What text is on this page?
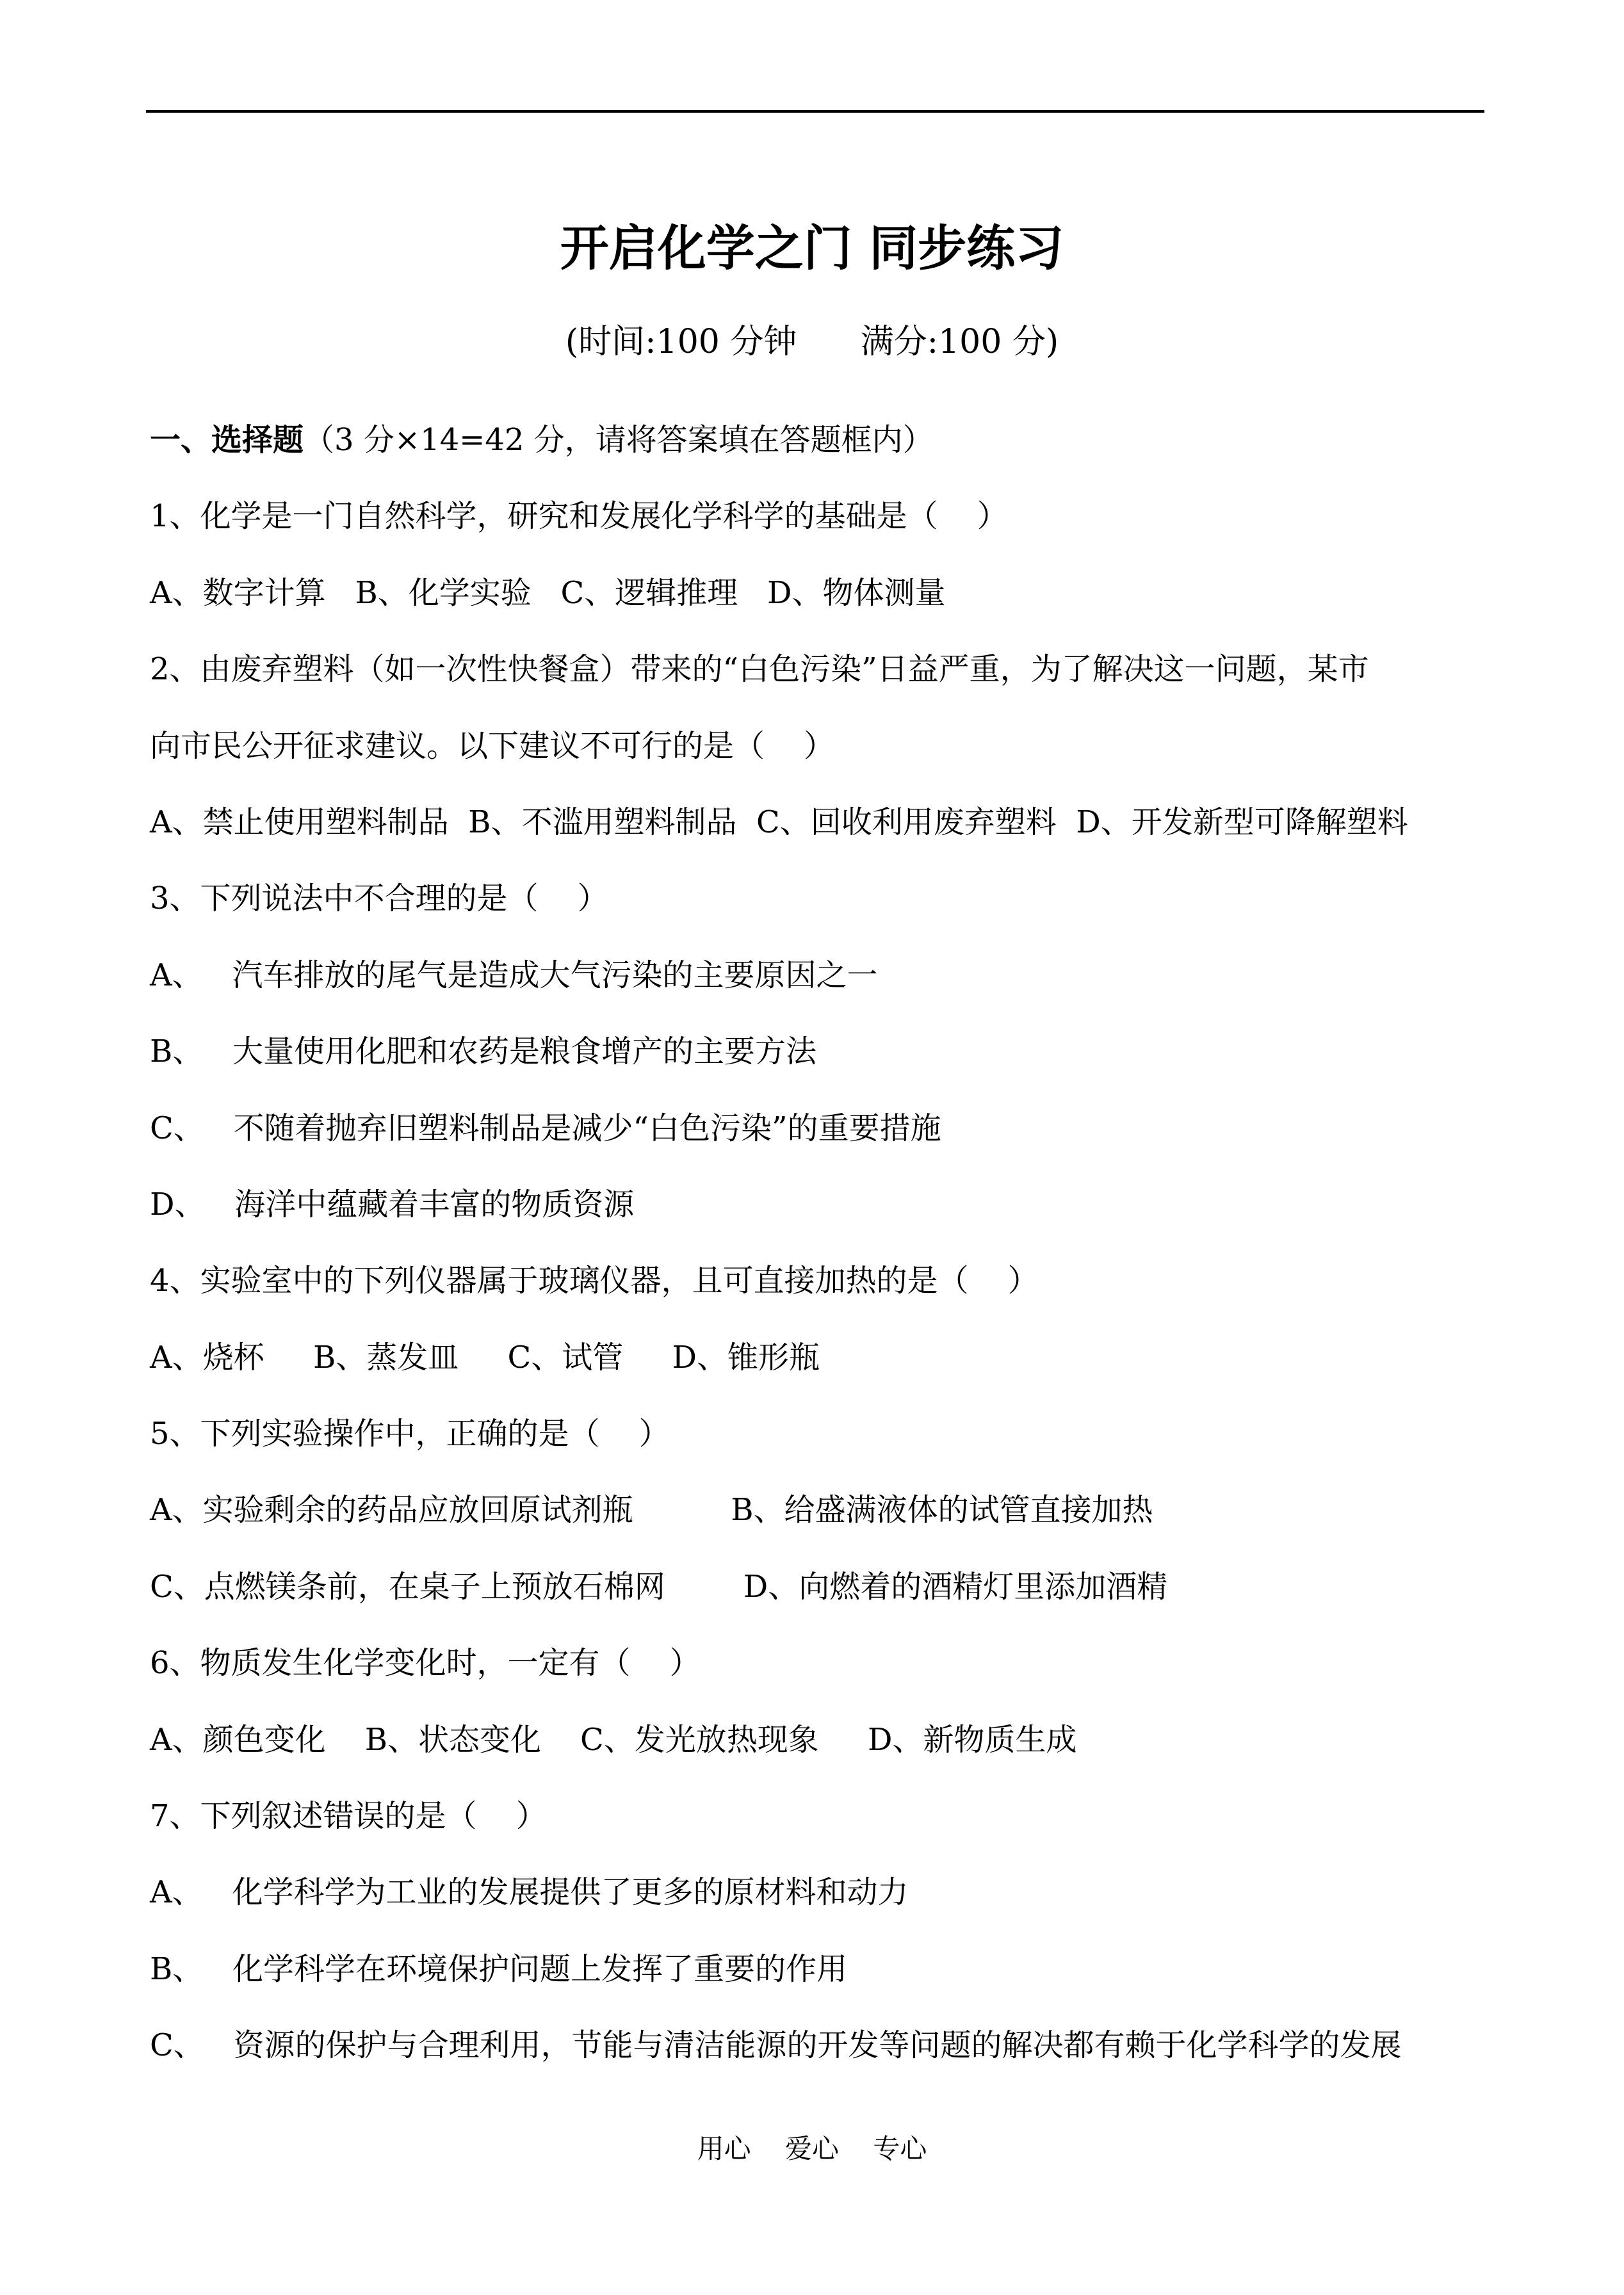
开启化学之门 同步练习
(时间:100 分钟      满分:100 分)
一、选择题（3 分×14=42 分，请将答案填在答题框内）
1、化学是一门自然科学，研究和发展化学科学的基础是（    ）
A、数字计算   B、化学实验   C、逻辑推理   D、物体测量
2、由废弃塑料（如一次性快餐盒）带来的“白色污染”日益严重，为了解决这一问题，某市
向市民公开征求建议。以下建议不可行的是（    ）
A、禁止使用塑料制品  B、不滥用塑料制品  C、回收利用废弃塑料  D、开发新型可降解塑料
3、下列说法中不合理的是（    ）
A、   汽车排放的尾气是造成大气污染的主要原因之一
B、   大量使用化肥和农药是粮食增产的主要方法
C、   不随着抛弃旧塑料制品是减少“白色污染”的重要措施
D、   海洋中蕴藏着丰富的物质资源
4、实验室中的下列仪器属于玻璃仪器，且可直接加热的是（    ）
A、烧杯     B、蒸发皿     C、试管     D、锥形瓶
5、下列实验操作中，正确的是（    ）
A、实验剩余的药品应放回原试剂瓶          B、给盛满液体的试管直接加热
C、点燃镁条前，在桌子上预放石棉网        D、向燃着的酒精灯里添加酒精
6、物质发生化学变化时，一定有（    ）
A、颜色变化    B、状态变化    C、发光放热现象     D、新物质生成
7、下列叙述错误的是（    ）
A、   化学科学为工业的发展提供了更多的原材料和动力
B、   化学科学在环境保护问题上发挥了重要的作用
C、   资源的保护与合理利用，节能与清洁能源的开发等问题的解决都有赖于化学科学的发展
用心    爱心    专心
